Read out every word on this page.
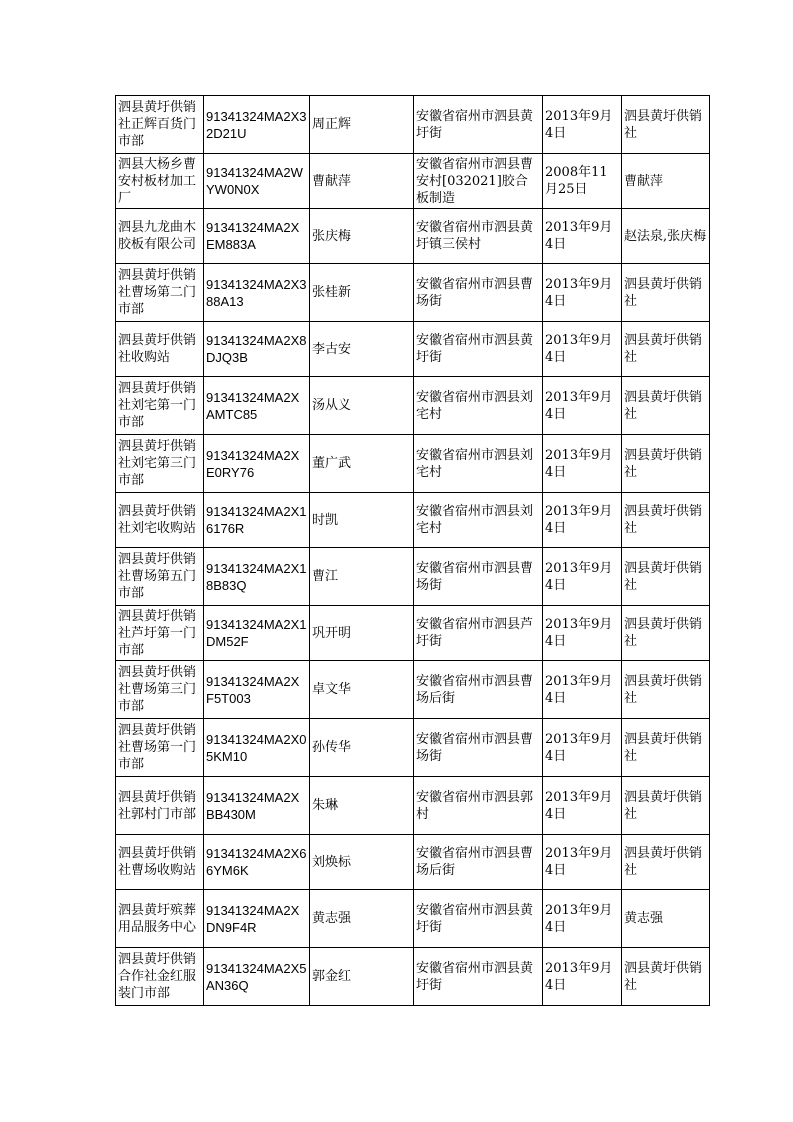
泗县黄圩供销社正辉百货门市部	91341324MA2X32D21U	周正辉	安徽省宿州市泗县黄圩街	2013年9月4日	泗县黄圩供销社
泗县大杨乡曹安村板材加工厂	91341324MA2WYW0N0X	曹献萍	安徽省宿州市泗县曹安村[032021]胶合板制造	2008年11月25日	曹献萍
泗县九龙曲木胶板有限公司	91341324MA2XEM883A	张庆梅	安徽省宿州市泗县黄圩镇三侯村	2013年9月4日	赵法泉,张庆梅
泗县黄圩供销社曹场第二门市部	91341324MA2X388A13	张桂新	安徽省宿州市泗县曹场街	2013年9月4日	泗县黄圩供销社
泗县黄圩供销社收购站	91341324MA2X8DJQ3B	李古安	安徽省宿州市泗县黄圩街	2013年9月4日	泗县黄圩供销社
泗县黄圩供销社刘宅第一门市部	91341324MA2XAMTC85	汤从义	安徽省宿州市泗县刘宅村	2013年9月4日	泗县黄圩供销社
泗县黄圩供销社刘宅第三门市部	91341324MA2XE0RY76	董广武	安徽省宿州市泗县刘宅村	2013年9月4日	泗县黄圩供销社
泗县黄圩供销社刘宅收购站	91341324MA2X16176R	时凯	安徽省宿州市泗县刘宅村	2013年9月4日	泗县黄圩供销社
泗县黄圩供销社曹场第五门市部	91341324MA2X18B83Q	曹江	安徽省宿州市泗县曹场街	2013年9月4日	泗县黄圩供销社
泗县黄圩供销社芦圩第一门市部	91341324MA2X1DM52F	巩开明	安徽省宿州市泗县芦圩街	2013年9月4日	泗县黄圩供销社
泗县黄圩供销社曹场第三门市部	91341324MA2XF5T003	卓文华	安徽省宿州市泗县曹场后街	2013年9月4日	泗县黄圩供销社
泗县黄圩供销社曹场第一门市部	91341324MA2X05KM10	孙传华	安徽省宿州市泗县曹场街	2013年9月4日	泗县黄圩供销社
泗县黄圩供销社郭村门市部	91341324MA2XBB430M	朱琳	安徽省宿州市泗县郭村	2013年9月4日	泗县黄圩供销社
泗县黄圩供销社曹场收购站	91341324MA2X66YM6K	刘焕标	安徽省宿州市泗县曹场后街	2013年9月4日	泗县黄圩供销社
泗县黄圩殡葬用品服务中心	91341324MA2XDN9F4R	黄志强	安徽省宿州市泗县黄圩街	2013年9月4日	黄志强
泗县黄圩供销合作社金红服装门市部	91341324MA2X5AN36Q	郭金红	安徽省宿州市泗县黄圩街	2013年9月4日	泗县黄圩供销社
